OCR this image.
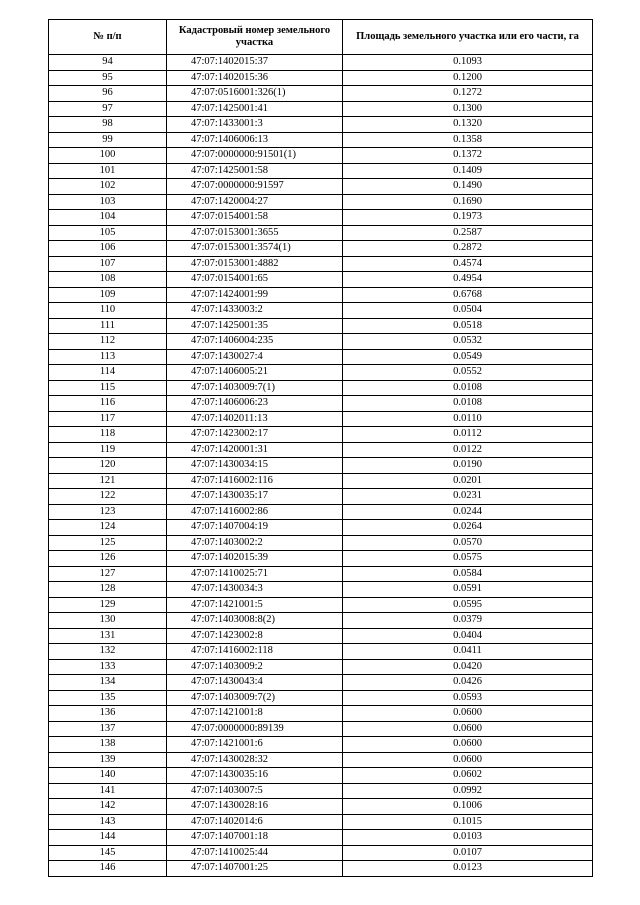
№ п/п	Кадастровый номер земельного участка	Площадь земельного участка или его части, га
94	47:07:1402015:37	0.1093
95	47:07:1402015:36	0.1200
96	47:07:0516001:326(1)	0.1272
97	47:07:1425001:41	0.1300
98	47:07:1433001:3	0.1320
99	47:07:1406006:13	0.1358
100	47:07:0000000:91501(1)	0.1372
101	47:07:1425001:58	0.1409
102	47:07:0000000:91597	0.1490
103	47:07:1420004:27	0.1690
104	47:07:0154001:58	0.1973
105	47:07:0153001:3655	0.2587
106	47:07:0153001:3574(1)	0.2872
107	47:07:0153001:4882	0.4574
108	47:07:0154001:65	0.4954
109	47:07:1424001:99	0.6768
110	47:07:1433003:2	0.0504
111	47:07:1425001:35	0.0518
112	47:07:1406004:235	0.0532
113	47:07:1430027:4	0.0549
114	47:07:1406005:21	0.0552
115	47:07:1403009:7(1)	0.0108
116	47:07:1406006:23	0.0108
117	47:07:1402011:13	0.0110
118	47:07:1423002:17	0.0112
119	47:07:1420001:31	0.0122
120	47:07:1430034:15	0.0190
121	47:07:1416002:116	0.0201
122	47:07:1430035:17	0.0231
123	47:07:1416002:86	0.0244
124	47:07:1407004:19	0.0264
125	47:07:1403002:2	0.0570
126	47:07:1402015:39	0.0575
127	47:07:1410025:71	0.0584
128	47:07:1430034:3	0.0591
129	47:07:1421001:5	0.0595
130	47:07:1403008:8(2)	0.0379
131	47:07:1423002:8	0.0404
132	47:07:1416002:118	0.0411
133	47:07:1403009:2	0.0420
134	47:07:1430043:4	0.0426
135	47:07:1403009:7(2)	0.0593
136	47:07:1421001:8	0.0600
137	47:07:0000000:89139	0.0600
138	47:07:1421001:6	0.0600
139	47:07:1430028:32	0.0600
140	47:07:1430035:16	0.0602
141	47:07:1403007:5	0.0992
142	47:07:1430028:16	0.1006
143	47:07:1402014:6	0.1015
144	47:07:1407001:18	0.0103
145	47:07:1410025:44	0.0107
146	47:07:1407001:25	0.0123
